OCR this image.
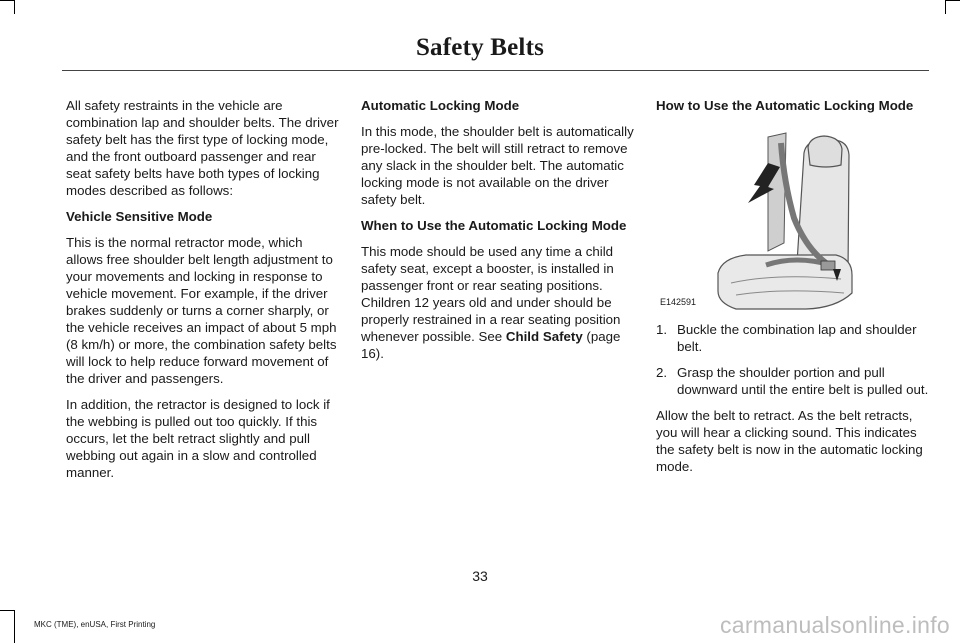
Safety Belts

All safety restraints in the vehicle are combination lap and shoulder belts. The driver safety belt has the first type of locking mode, and the front outboard passenger and rear seat safety belts have both types of locking modes described as follows:

Vehicle Sensitive Mode

This is the normal retractor mode, which allows free shoulder belt length adjustment to your movements and locking in response to vehicle movement. For example, if the driver brakes suddenly or turns a corner sharply, or the vehicle receives an impact of about 5 mph (8 km/h) or more, the combination safety belts will lock to help reduce forward movement of the driver and passengers.

In addition, the retractor is designed to lock if the webbing is pulled out too quickly. If this occurs, let the belt retract slightly and pull webbing out again in a slow and controlled manner.

Automatic Locking Mode

In this mode, the shoulder belt is automatically pre-locked. The belt will still retract to remove any slack in the shoulder belt. The automatic locking mode is not available on the driver safety belt.

When to Use the Automatic Locking Mode

This mode should be used any time a child safety seat, except a booster, is installed in passenger front or rear seating positions. Children 12 years old and under should be properly restrained in a rear seating position whenever possible. See Child Safety (page 16).

How to Use the Automatic Locking Mode
E142591
1. Buckle the combination lap and shoulder belt.
2. Grasp the shoulder portion and pull downward until the entire belt is pulled out.

Allow the belt to retract. As the belt retracts, you will hear a clicking sound. This indicates the safety belt is now in the automatic locking mode.

33
MKC (TME), enUSA, First Printing	carmanualsonline.info
